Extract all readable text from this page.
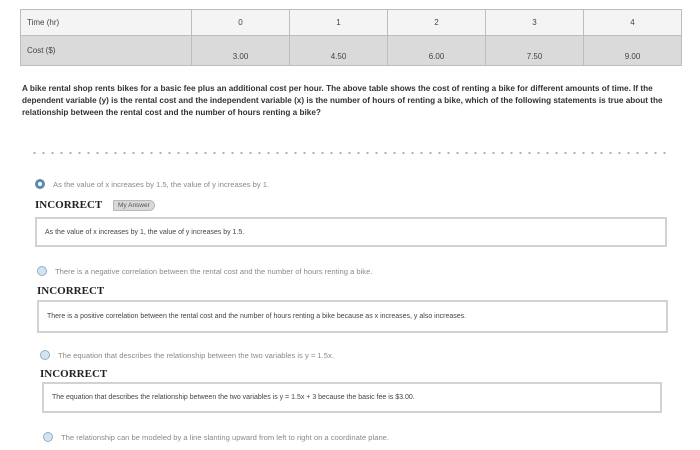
Time (hr)	0	1	2	3	4
Cost ($)	3.00	4.50	6.00	7.50	9.00
A bike rental shop rents bikes for a basic fee plus an additional cost per hour. The above table shows the cost of renting a bike for different amounts of time. If the dependent variable (y) is the rental cost and the independent variable (x) is the number of hours of renting a bike, which of the following statements is true about the relationship between the rental cost and the number of hours renting a bike?
As the value of x increases by 1.5, the value of y increases by 1.
INCORRECT	My Answer
As the value of x increases by 1, the value of y increases by 1.5.
There is a negative correlation between the rental cost and the number of hours renting a bike.
INCORRECT
There is a positive correlation between the rental cost and the number of hours renting a bike because as x increases, y also increases.
The equation that describes the relationship between the two variables is y = 1.5x.
INCORRECT
The equation that describes the relationship between the two variables is y = 1.5x + 3 because the basic fee is $3.00.
The relationship can be modeled by a line slanting upward from left to right on a coordinate plane.
